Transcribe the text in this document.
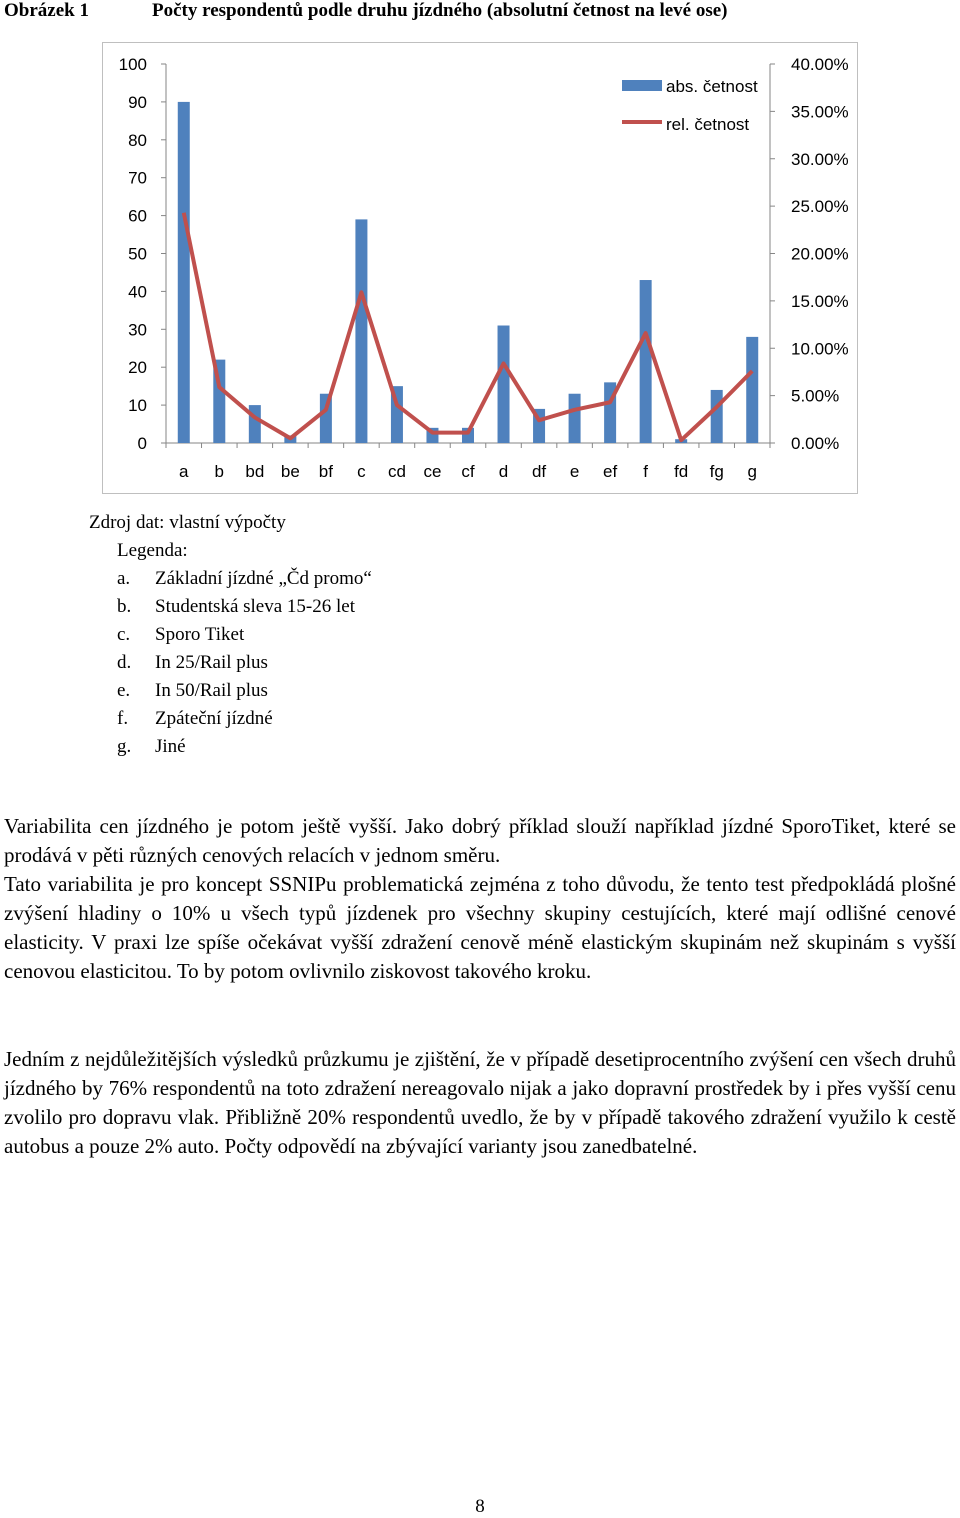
Obrázek 1	Počty respondentů podle druhu jízdného (absolutní četnost na levé ose)
0
10
20
30
40
50
60
70
80
90
100
0.00%
5.00%
10.00%
15.00%
20.00%
25.00%
30.00%
35.00%
40.00%
a b bd be bf c cd ce cf d df e ef f fd fg g
abs. četnost
rel. četnost
Zdroj dat: vlastní výpočty
Legenda:
a. Základní jízdné „Čd promo“
b. Studentská sleva 15-26 let
c. Sporo Tiket
d. In 25/Rail plus
e. In 50/Rail plus
f. Zpáteční jízdné
g. Jiné

Variabilita cen jízdného je potom ještě vyšší. Jako dobrý příklad slouží například jízdné SporoTiket, které se prodává v pěti různých cenových relacích v jednom směru.

Tato variabilita je pro koncept SSNIPu problematická zejména z toho důvodu, že tento test předpokládá plošné zvýšení hladiny o 10% u všech typů jízdenek pro všechny skupiny cestujících, které mají odlišné cenové elasticity. V praxi lze spíše očekávat vyšší zdražení cenově méně elastickým skupinám než skupinám s vyšší cenovou elasticitou. To by potom ovlivnilo ziskovost takového kroku.

Jedním z nejdůležitějších výsledků průzkumu je zjištění, že v případě desetiprocentního zvýšení cen všech druhů jízdného by 76% respondentů na toto zdražení nereagovalo nijak a jako dopravní prostředek by i přes vyšší cenu zvolilo pro dopravu vlak. Přibližně 20% respondentů uvedlo, že by v případě takového zdražení využilo k cestě autobus a pouze 2% auto. Počty odpovědí na zbývající varianty jsou zanedbatelné.

8
